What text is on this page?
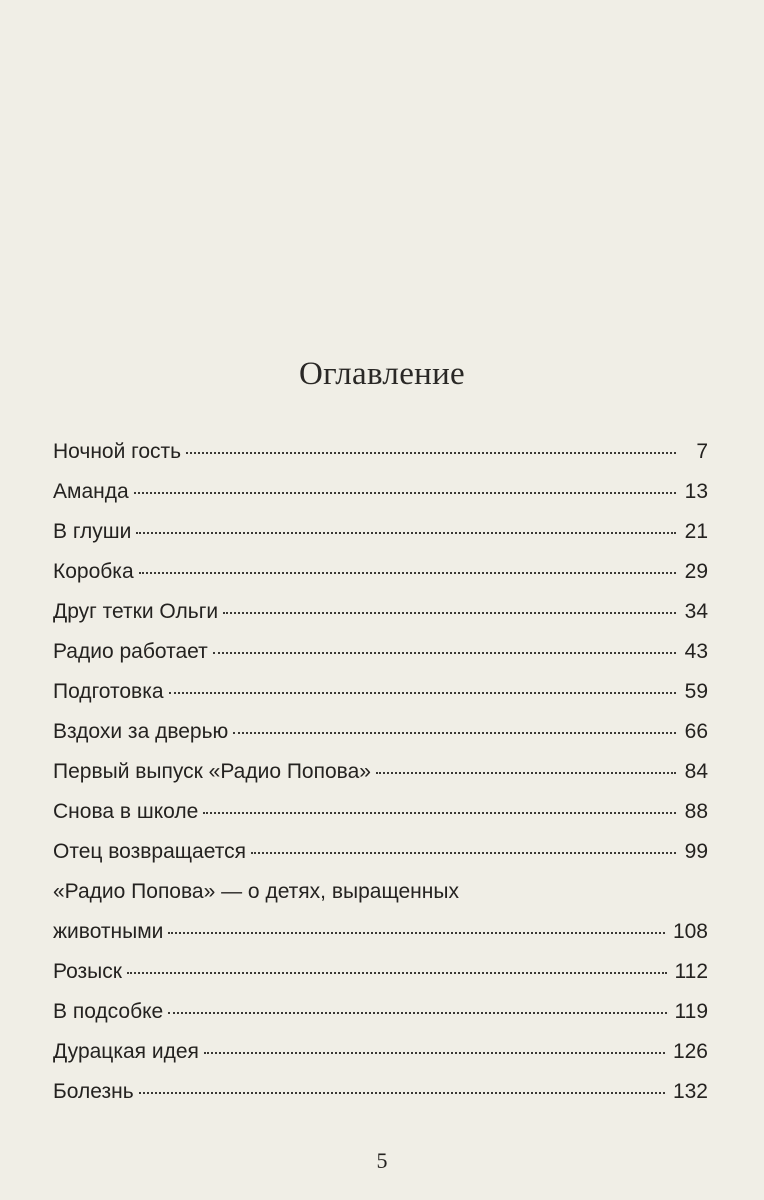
Оглавление
Ночной гость	7
Аманда	13
В глуши	21
Коробка	29
Друг тетки Ольги	34
Радио работает	43
Подготовка	59
Вздохи за дверью	66
Первый выпуск «Радио Попова»	84
Снова в школе	88
Отец возвращается	99
«Радио Попова» — о детях, выращенных
животными	108
Розыск	112
В подсобке	119
Дурацкая идея	126
Болезнь	132
5
